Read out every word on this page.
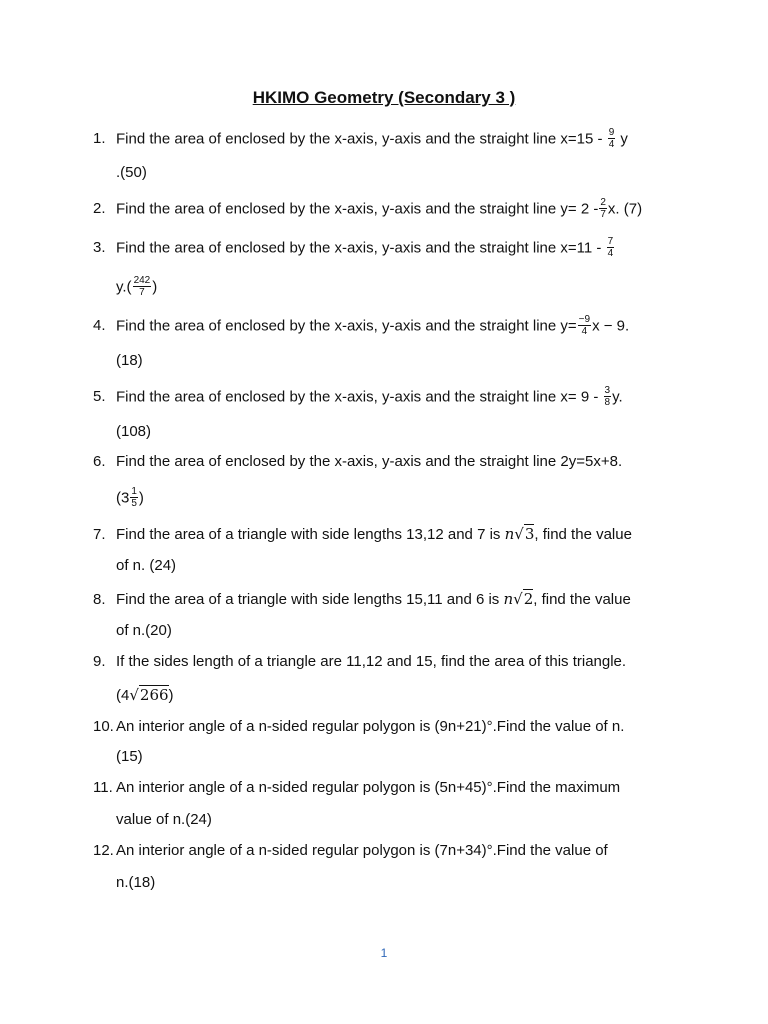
HKIMO Geometry (Secondary 3 )
1. Find the area of enclosed by the x-axis, y-axis and the straight line $x=15 - \frac{9}{4}$ y
.(50)
2. Find the area of enclosed by the x-axis, y-axis and the straight line $y= 2 - \frac{2}{7} x$. (7)
3. Find the area of enclosed by the x-axis, y-axis and the straight line $x=11 - \frac{7}{4}$
$y.( \frac{242}{7}$ )
4. Find the area of enclosed by the x-axis, y-axis and the straight line $y= \frac{-9}{4}$ x − 9.
(18)
5. Find the area of enclosed by the x-axis, y-axis and the straight line $x= 9 - \frac{3}{8} y$.
(108)
6. Find the area of enclosed by the x-axis, y-axis and the straight line 2y=5x+8.
($3 \frac{1}{5}$ )
7. Find the area of a triangle with side lengths 13,12 and 7 is n√3, find the value
of n. (24)
8. Find the area of a triangle with side lengths 15,11 and 6 is n√2, find the value
of n.(20)
9. If the sides length of a triangle are 11,12 and 15, find the area of this triangle.
(4√266)
10. An interior angle of a n-sided regular polygon is (9n+21)°.Find the value of n.
(15)
11. An interior angle of a n-sided regular polygon is (5n+45)°.Find the maximum
value of n.(24)
12. An interior angle of a n-sided regular polygon is (7n+34)°.Find the value of
n.(18)
1
